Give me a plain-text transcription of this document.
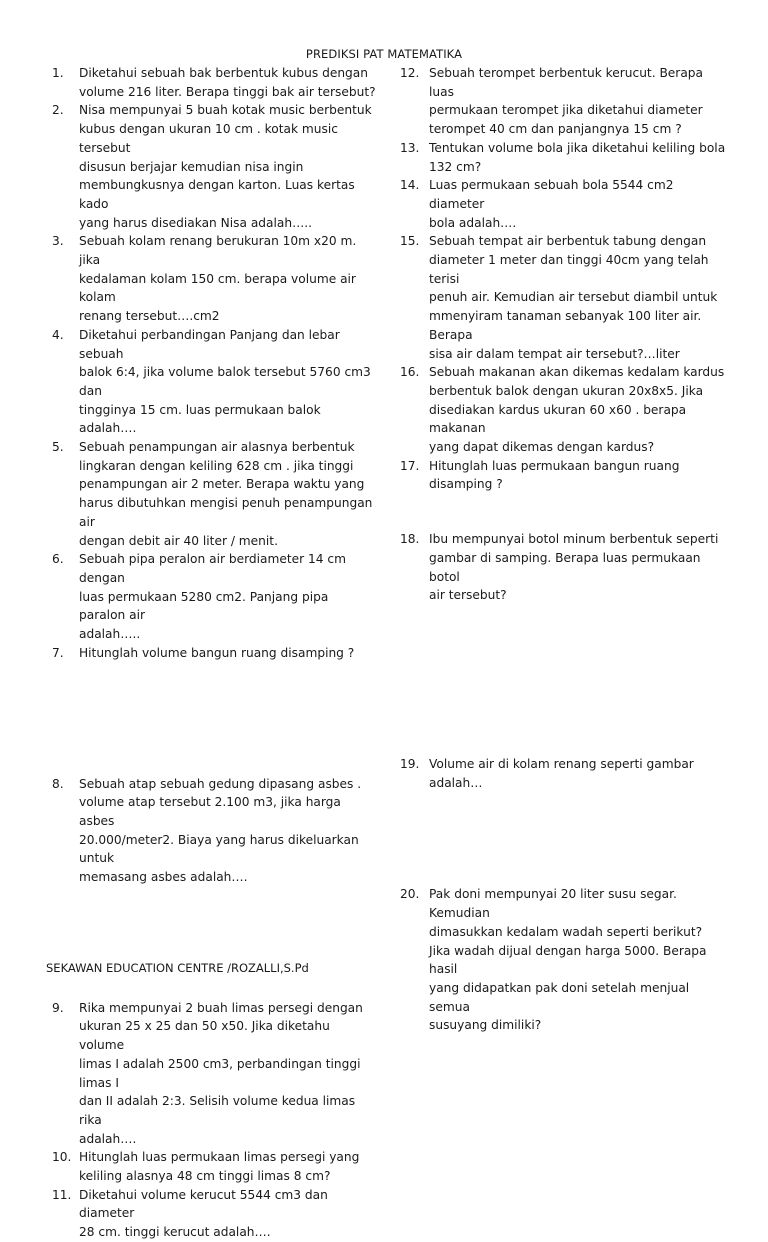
PREDIKSI PAT MATEMATIKA
1. Diketahui sebuah bak berbentuk kubus dengan
volume 216 liter. Berapa tinggi bak air tersebut?
2. Nisa mempunyai 5 buah kotak music berbentuk
kubus dengan ukuran 10 cm . kotak music tersebut
disusun berjajar kemudian nisa ingin
membungkusnya dengan karton. Luas kertas kado
yang harus disediakan Nisa adalah…..
3. Sebuah kolam renang berukuran 10m x20 m. jika
kedalaman kolam 150 cm. berapa volume air kolam
renang tersebut….cm2
4. Diketahui perbandingan Panjang dan lebar sebuah
balok 6:4, jika volume balok tersebut 5760 cm3 dan
tingginya 15 cm. luas permukaan balok adalah….
5. Sebuah penampungan air alasnya berbentuk
lingkaran dengan keliling 628 cm . jika tinggi
penampungan air 2 meter. Berapa waktu yang
harus dibutuhkan mengisi penuh penampungan air
dengan debit air 40 liter / menit.
6. Sebuah pipa peralon air berdiameter 14 cm dengan
luas permukaan 5280 cm2. Panjang pipa paralon air
adalah…..
7. Hitunglah volume bangun ruang disamping ?
8. Sebuah atap sebuah gedung dipasang asbes .
volume atap tersebut 2.100 m3, jika harga asbes
20.000/meter2. Biaya yang harus dikeluarkan untuk
memasang asbes adalah….
9. Rika mempunyai 2 buah limas persegi dengan
ukuran 25 x 25 dan 50 x50. Jika diketahu volume
limas I adalah 2500 cm3, perbandingan tinggi limas I
dan II adalah 2:3. Selisih volume kedua limas rika
adalah….
10. Hitunglah luas permukaan limas persegi yang
keliling alasnya 48 cm tinggi limas 8 cm?
11. Diketahui volume kerucut 5544 cm3 dan diameter
28 cm. tinggi kerucut adalah….
12. Sebuah terompet berbentuk kerucut. Berapa luas
permukaan terompet jika diketahui diameter
terompet 40 cm dan panjangnya 15 cm ?
13. Tentukan volume bola jika diketahui keliling bola
132 cm?
14. Luas permukaan sebuah bola 5544 cm2 diameter
bola adalah….
15. Sebuah tempat air berbentuk tabung dengan
diameter 1 meter dan tinggi 40cm yang telah terisi
penuh air. Kemudian air tersebut diambil untuk
mmenyiram tanaman sebanyak 100 liter air. Berapa
sisa air dalam tempat air tersebut?…liter
16. Sebuah makanan akan dikemas kedalam kardus
berbentuk balok dengan ukuran 20x8x5. Jika
disediakan kardus ukuran 60 x60 . berapa makanan
yang dapat dikemas dengan kardus?
17. Hitunglah luas permukaan bangun ruang
disamping ?
18. Ibu mempunyai botol minum berbentuk seperti
gambar di samping. Berapa luas permukaan botol
air tersebut?
19. Volume air di kolam renang seperti gambar adalah…
20. Pak doni mempunyai 20 liter susu segar. Kemudian
dimasukkan kedalam wadah seperti berikut?
Jika wadah dijual dengan harga 5000. Berapa hasil
yang didapatkan pak doni setelah menjual semua
susuyang dimiliki?
SEKAWAN EDUCATION CENTRE /ROZALLI,S.Pd
